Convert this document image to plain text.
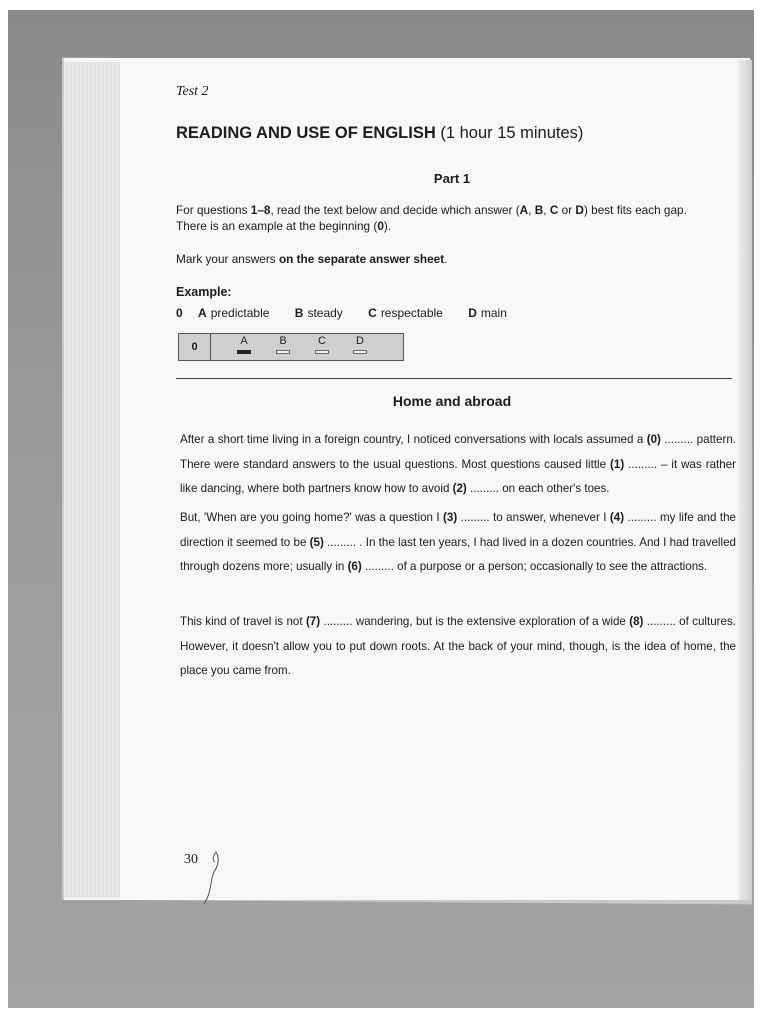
Test 2
READING AND USE OF ENGLISH (1 hour 15 minutes)
Part 1
For questions 1–8, read the text below and decide which answer (A, B, C or D) best fits each gap.
There is an example at the beginning (0).
Mark your answers on the separate answer sheet.
Example:
0 A predictable B steady C respectable D main
0	A	B	C	D
Home and abroad

After a short time living in a foreign country, I noticed conversations with locals assumed a (0) ......... pattern. There were standard answers to the usual questions. Most questions caused little (1) ......... – it was rather like dancing, where both partners know how to avoid (2) ......... on each other's toes.

But, 'When are you going home?' was a question I (3) ......... to answer, whenever I (4) ......... my life and the direction it seemed to be (5) ......... . In the last ten years, I had lived in a dozen countries. And I had travelled through dozens more; usually in (6) ......... of a purpose or a person; occasionally to see the attractions.

This kind of travel is not (7) ......... wandering, but is the extensive exploration of a wide (8) ......... of cultures. However, it doesn't allow you to put down roots. At the back of your mind, though, is the idea of home, the place you came from.

30
